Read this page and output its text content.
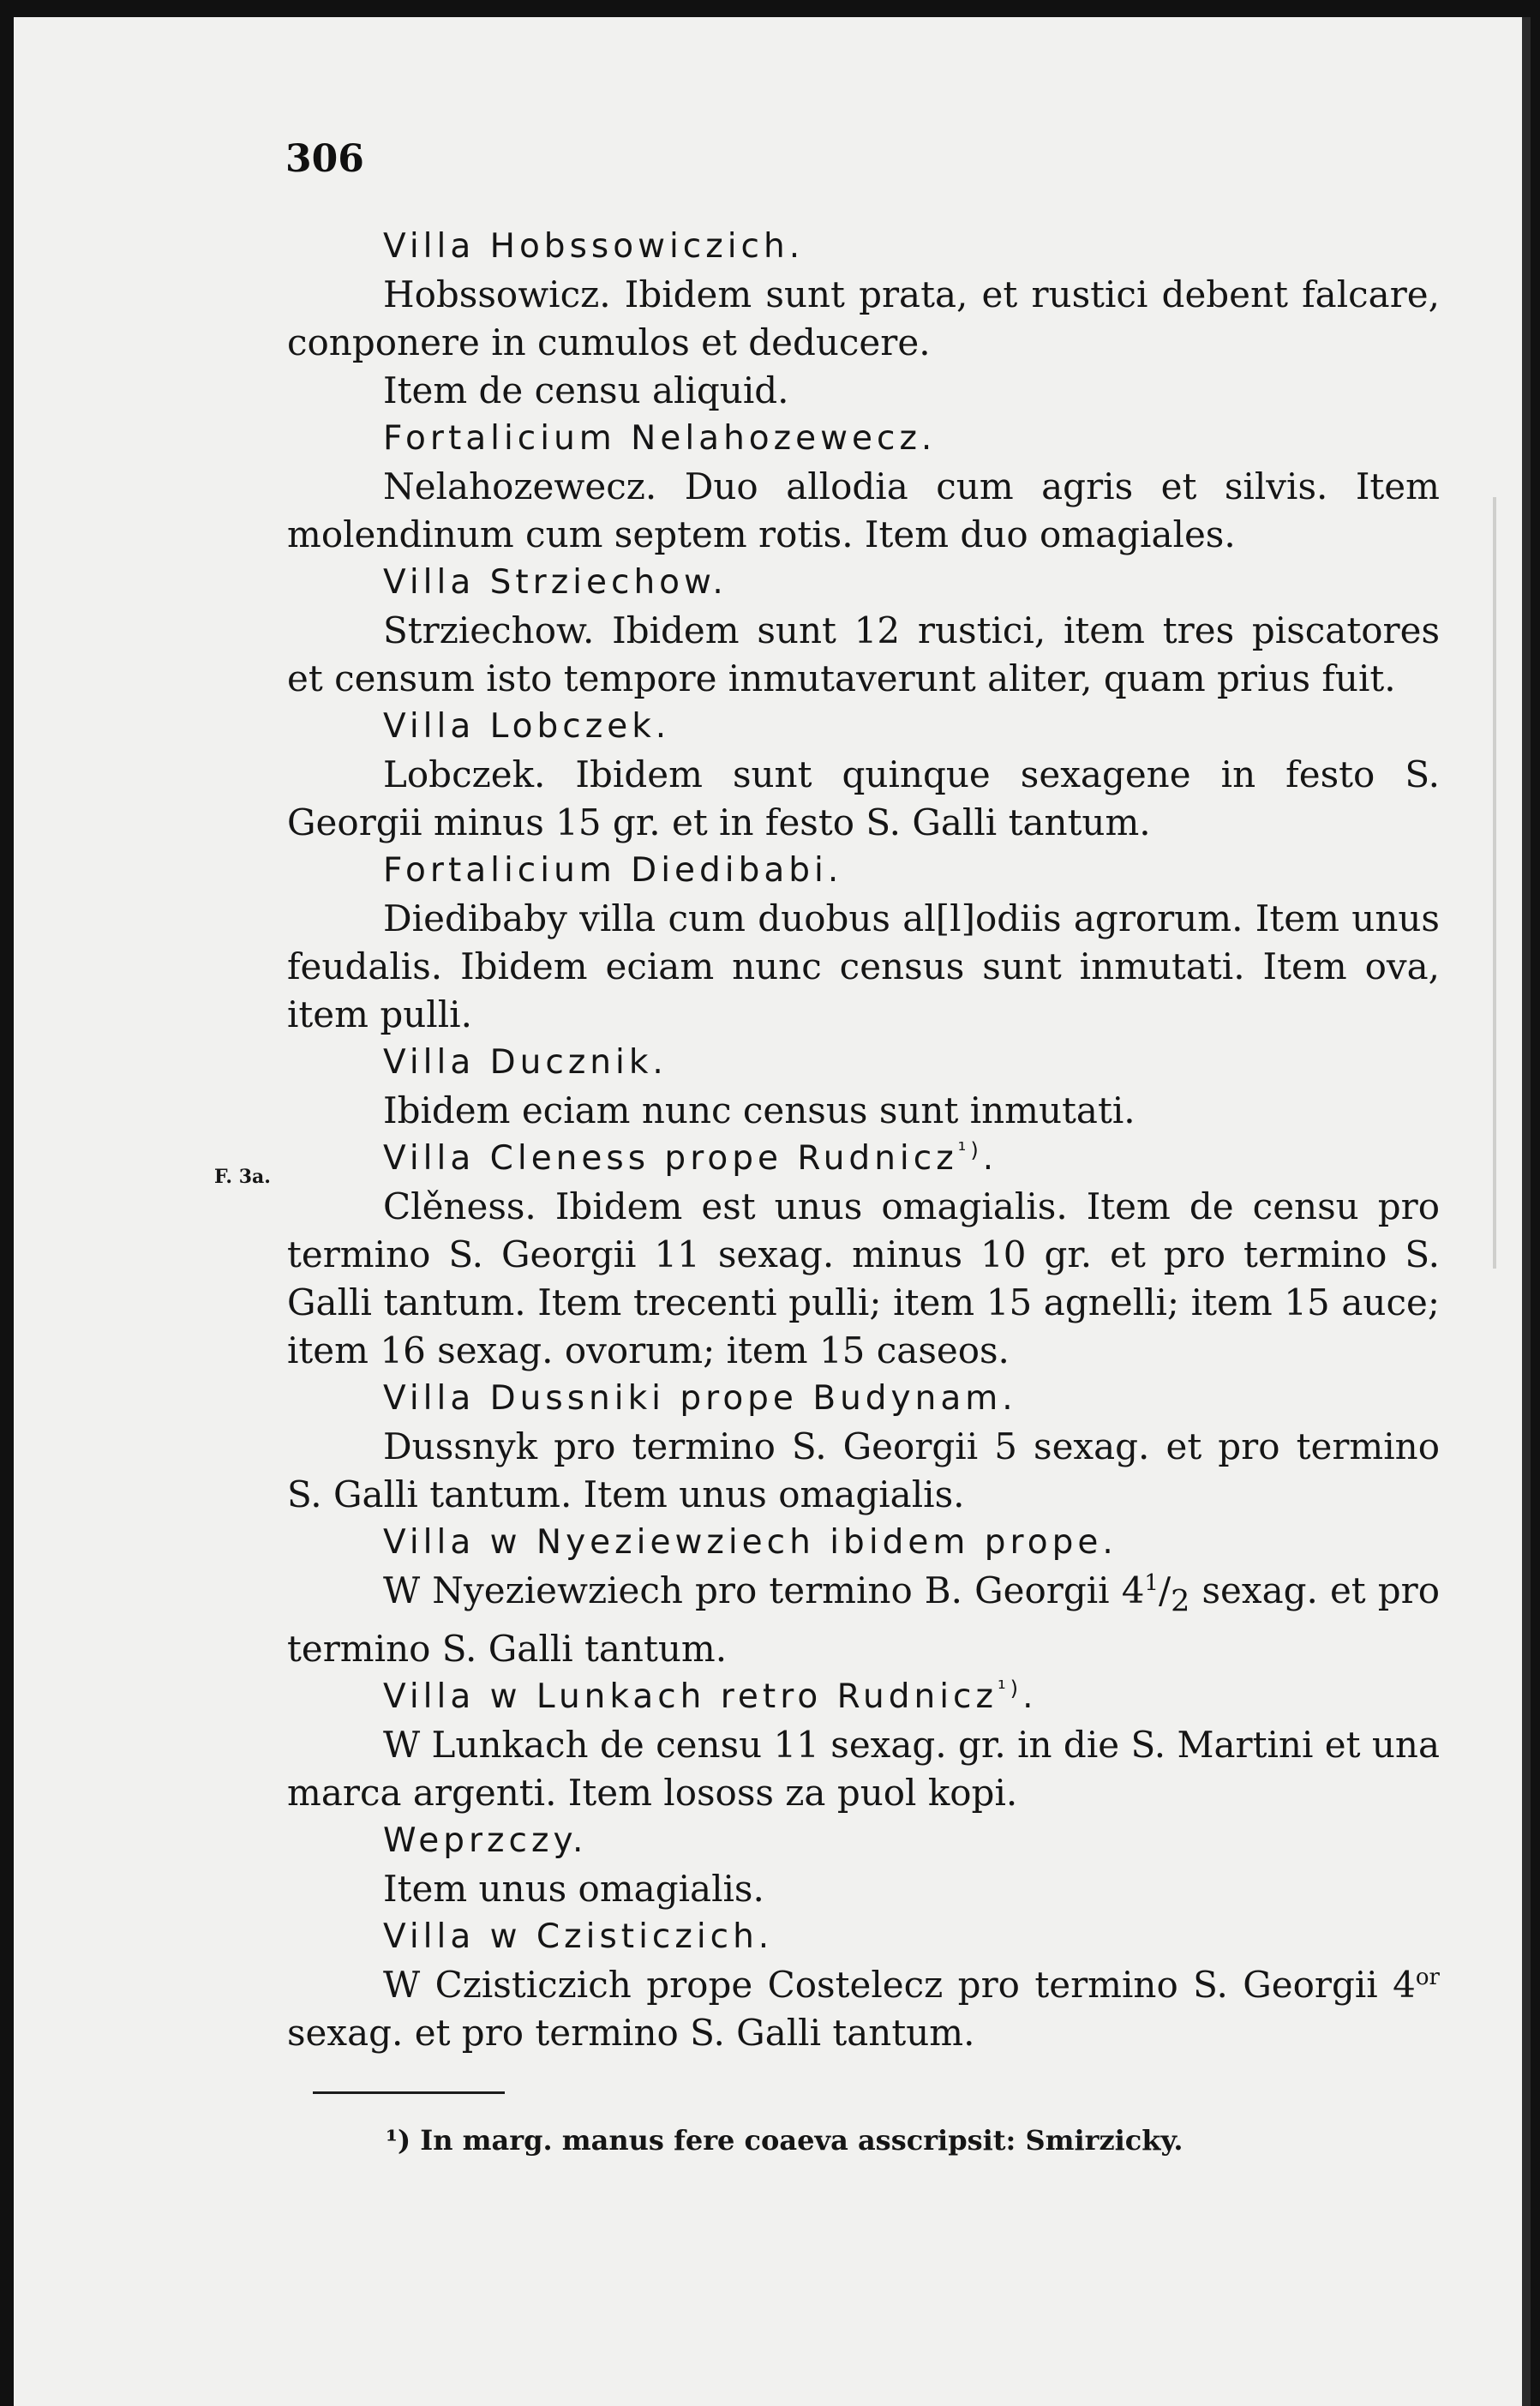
306
F. 3a.
Villa Hobssowiczich.
Hobssowicz. Ibidem sunt prata, et rustici debent falcare, conponere in cumulos et deducere.
Item de censu aliquid.
Fortalicium Nelahozewecz.
Nelahozewecz. Duo allodia cum agris et silvis. Item molendinum cum septem rotis. Item duo omagiales.
Villa Strziechow.
Strziechow. Ibidem sunt 12 rustici, item tres piscatores et censum isto tempore inmutaverunt aliter, quam prius fuit.
Villa Lobczek.
Lobczek. Ibidem sunt quinque sexagene in festo S. Georgii minus 15 gr. et in festo S. Galli tantum.
Fortalicium Diedibabi.
Diedibaby villa cum duobus al[l]odiis agrorum. Item unus feudalis. Ibidem eciam nunc census sunt inmutati. Item ova, item pulli.
Villa Ducznik.
Ibidem eciam nunc census sunt inmutati.
Villa Cleness prope Rudnicz$^{^1)}$.
Clěness. Ibidem est unus omagialis. Item de censu pro termino S. Georgii 11 sexag. minus 10 gr. et pro termino S. Galli tantum. Item trecenti pulli; item 15 agnelli; item 15 auce; item 16 sexag. ovorum; item 15 caseos.
Villa Dussniki prope Budynam.
Dussnyk pro termino S. Georgii 5 sexag. et pro termino S. Galli tantum. Item unus omagialis.
Villa w Nyeziewziech ibidem prope.
W Nyeziewziech pro termino B. Georgii $4^1/_2$ sexag. et pro termino S. Galli tantum.
Villa w Lunkach retro Rudnicz$^{^1)}$.
W Lunkach de censu 11 sexag. gr. in die S. Martini et una marca argenti. Item lososs za puol kopi.
Weprzczy.
Item unus omagialis.
Villa w Czisticzich.
W Czisticzich prope Costelecz pro termino S. Georgii $4^{or}$ sexag. et pro termino S. Galli tantum.
¹) In marg. manus fere coaeva asscripsit: Smirzicky.
